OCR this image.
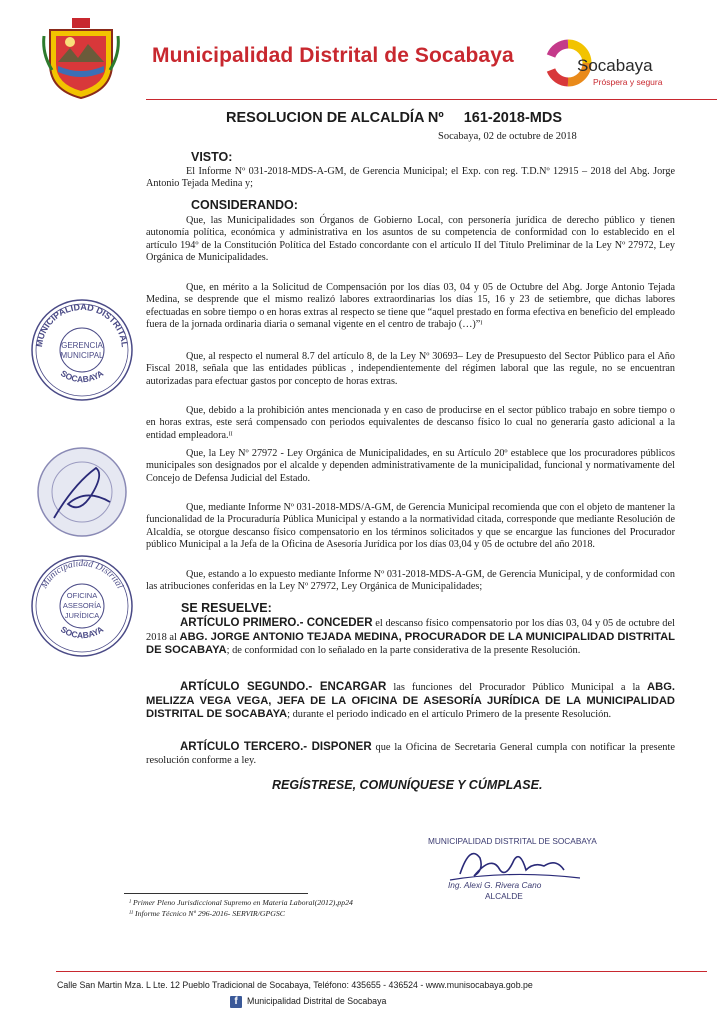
Municipalidad Distrital de Socabaya	Socabaya
Próspera y segura
RESOLUCION DE ALCALDÍA Nº 161-2018-MDS
Socabaya, 02 de octubre de 2018
VISTO:
El Informe Nº 031-2018-MDS-A-GM, de Gerencia Municipal; el Exp. con reg. T.D.Nº 12915 – 2018 del Abg. Jorge Antonio Tejada Medina y;
CONSIDERANDO:
Que, las Municipalidades son Órganos de Gobierno Local, con personería jurídica de derecho público y tienen autonomía política, económica y administrativa en los asuntos de su competencia de conformidad con lo establecido en el artículo 194º de la Constitución Política del Estado concordante con el artículo II del Título Preliminar de la Ley Nº 27972, Ley Orgánica de Municipalidades.
Que, en mérito a la Solicitud de Compensación por los días 03, 04 y 05 de Octubre del Abg. Jorge Antonio Tejada Medina, se desprende que el mismo realizó labores extraordinarias los días 15, 16 y 23 de setiembre, que dichas labores efectuadas en sobre tiempo o en horas extras al respecto se tiene que “aquel prestado en forma efectiva en beneficio del empleado fuera de la jornada ordinaria diaria o semanal vigente en el centro de trabajo (…)”ᴵ
Que, al respecto el numeral 8.7 del artículo 8, de la Ley Nº 30693– Ley de Presupuesto del Sector Público para el Año Fiscal 2018, señala que las entidades públicas , independientemente del régimen laboral que las regule, no se encuentran autorizadas para efectuar gastos por concepto de horas extras.
Que, debido a la prohibición antes mencionada y en caso de producirse en el sector público trabajo en sobre tiempo o en horas extras, este será compensado con periodos equivalentes de descanso físico lo cual no generaría gasto adicional a la entidad empleadora.ᴵᴵ
Que, la Ley Nº 27972 - Ley Orgánica de Municipalidades, en su Artículo 20º establece que los procuradores públicos municipales son designados por el alcalde y dependen administrativamente de la municipalidad, funcional y normativamente del Concejo de Defensa Judicial del Estado.
Que, mediante Informe Nº 031-2018-MDS/A-GM, de Gerencia Municipal recomienda que con el objeto de mantener la funcionalidad de la Procuraduría Pública Municipal y estando a la normatividad citada, corresponde que mediante Resolución de Alcaldía, se otorgue descanso físico compensatorio en los términos solicitados y que se encargue las funciones del Procurador público Municipal a la Jefa de la Oficina de Asesoría Jurídica por los días 03,04 y 05 de octubre del año 2018.
Que, estando a lo expuesto mediante Informe Nº 031-2018-MDS-A-GM, de Gerencia Municipal, y de conformidad con las atribuciones conferidas en la Ley Nº 27972, Ley Orgánica de Municipalidades;
SE RESUELVE:
ARTÍCULO PRIMERO.- CONCEDER el descanso físico compensatorio por los días 03, 04 y 05 de octubre del 2018 al ABG. JORGE ANTONIO TEJADA MEDINA, PROCURADOR DE LA MUNICIPALIDAD DISTRITAL DE SOCABAYA; de conformidad con lo señalado en la parte considerativa de la presente Resolución.
ARTÍCULO SEGUNDO.- ENCARGAR las funciones del Procurador Público Municipal a la ABG. MELIZZA VEGA VEGA, JEFA DE LA OFICINA DE ASESORÍA JURÍDICA DE LA MUNICIPALIDAD DISTRITAL DE SOCABAYA; durante el periodo indicado en el artículo Primero de la presente Resolución.
ARTÍCULO TERCERO.- DISPONER que la Oficina de Secretaria General cumpla con notificar la presente resolución conforme a ley.
REGÍSTRESE, COMUNÍQUESE Y CÚMPLASE.
MUNICIPALIDAD DISTRITAL
SOCABAYA
GERENCIA
MUNICIPAL
Municipalidad Distrital
SOCABAYA
OFICINA
ASESORÍA
JURÍDICA
MUNICIPALIDAD DISTRITAL DE SOCABAYA
Ing. Alexi G. Rivera Cano
ALCALDE
ᴵ Primer Pleno Jurisdiccional Supremo en Materia Laboral(2012),pp24
ᴵᴵ Informe Técnico Nº 296-2016- SERVIR/GPGSC
Calle San Martin Mza. L Lte. 12 Pueblo Tradicional de Socabaya, Teléfono: 435655 - 436524 - www.munisocabaya.gob.pe
f	Municipalidad Distrital de Socabaya
